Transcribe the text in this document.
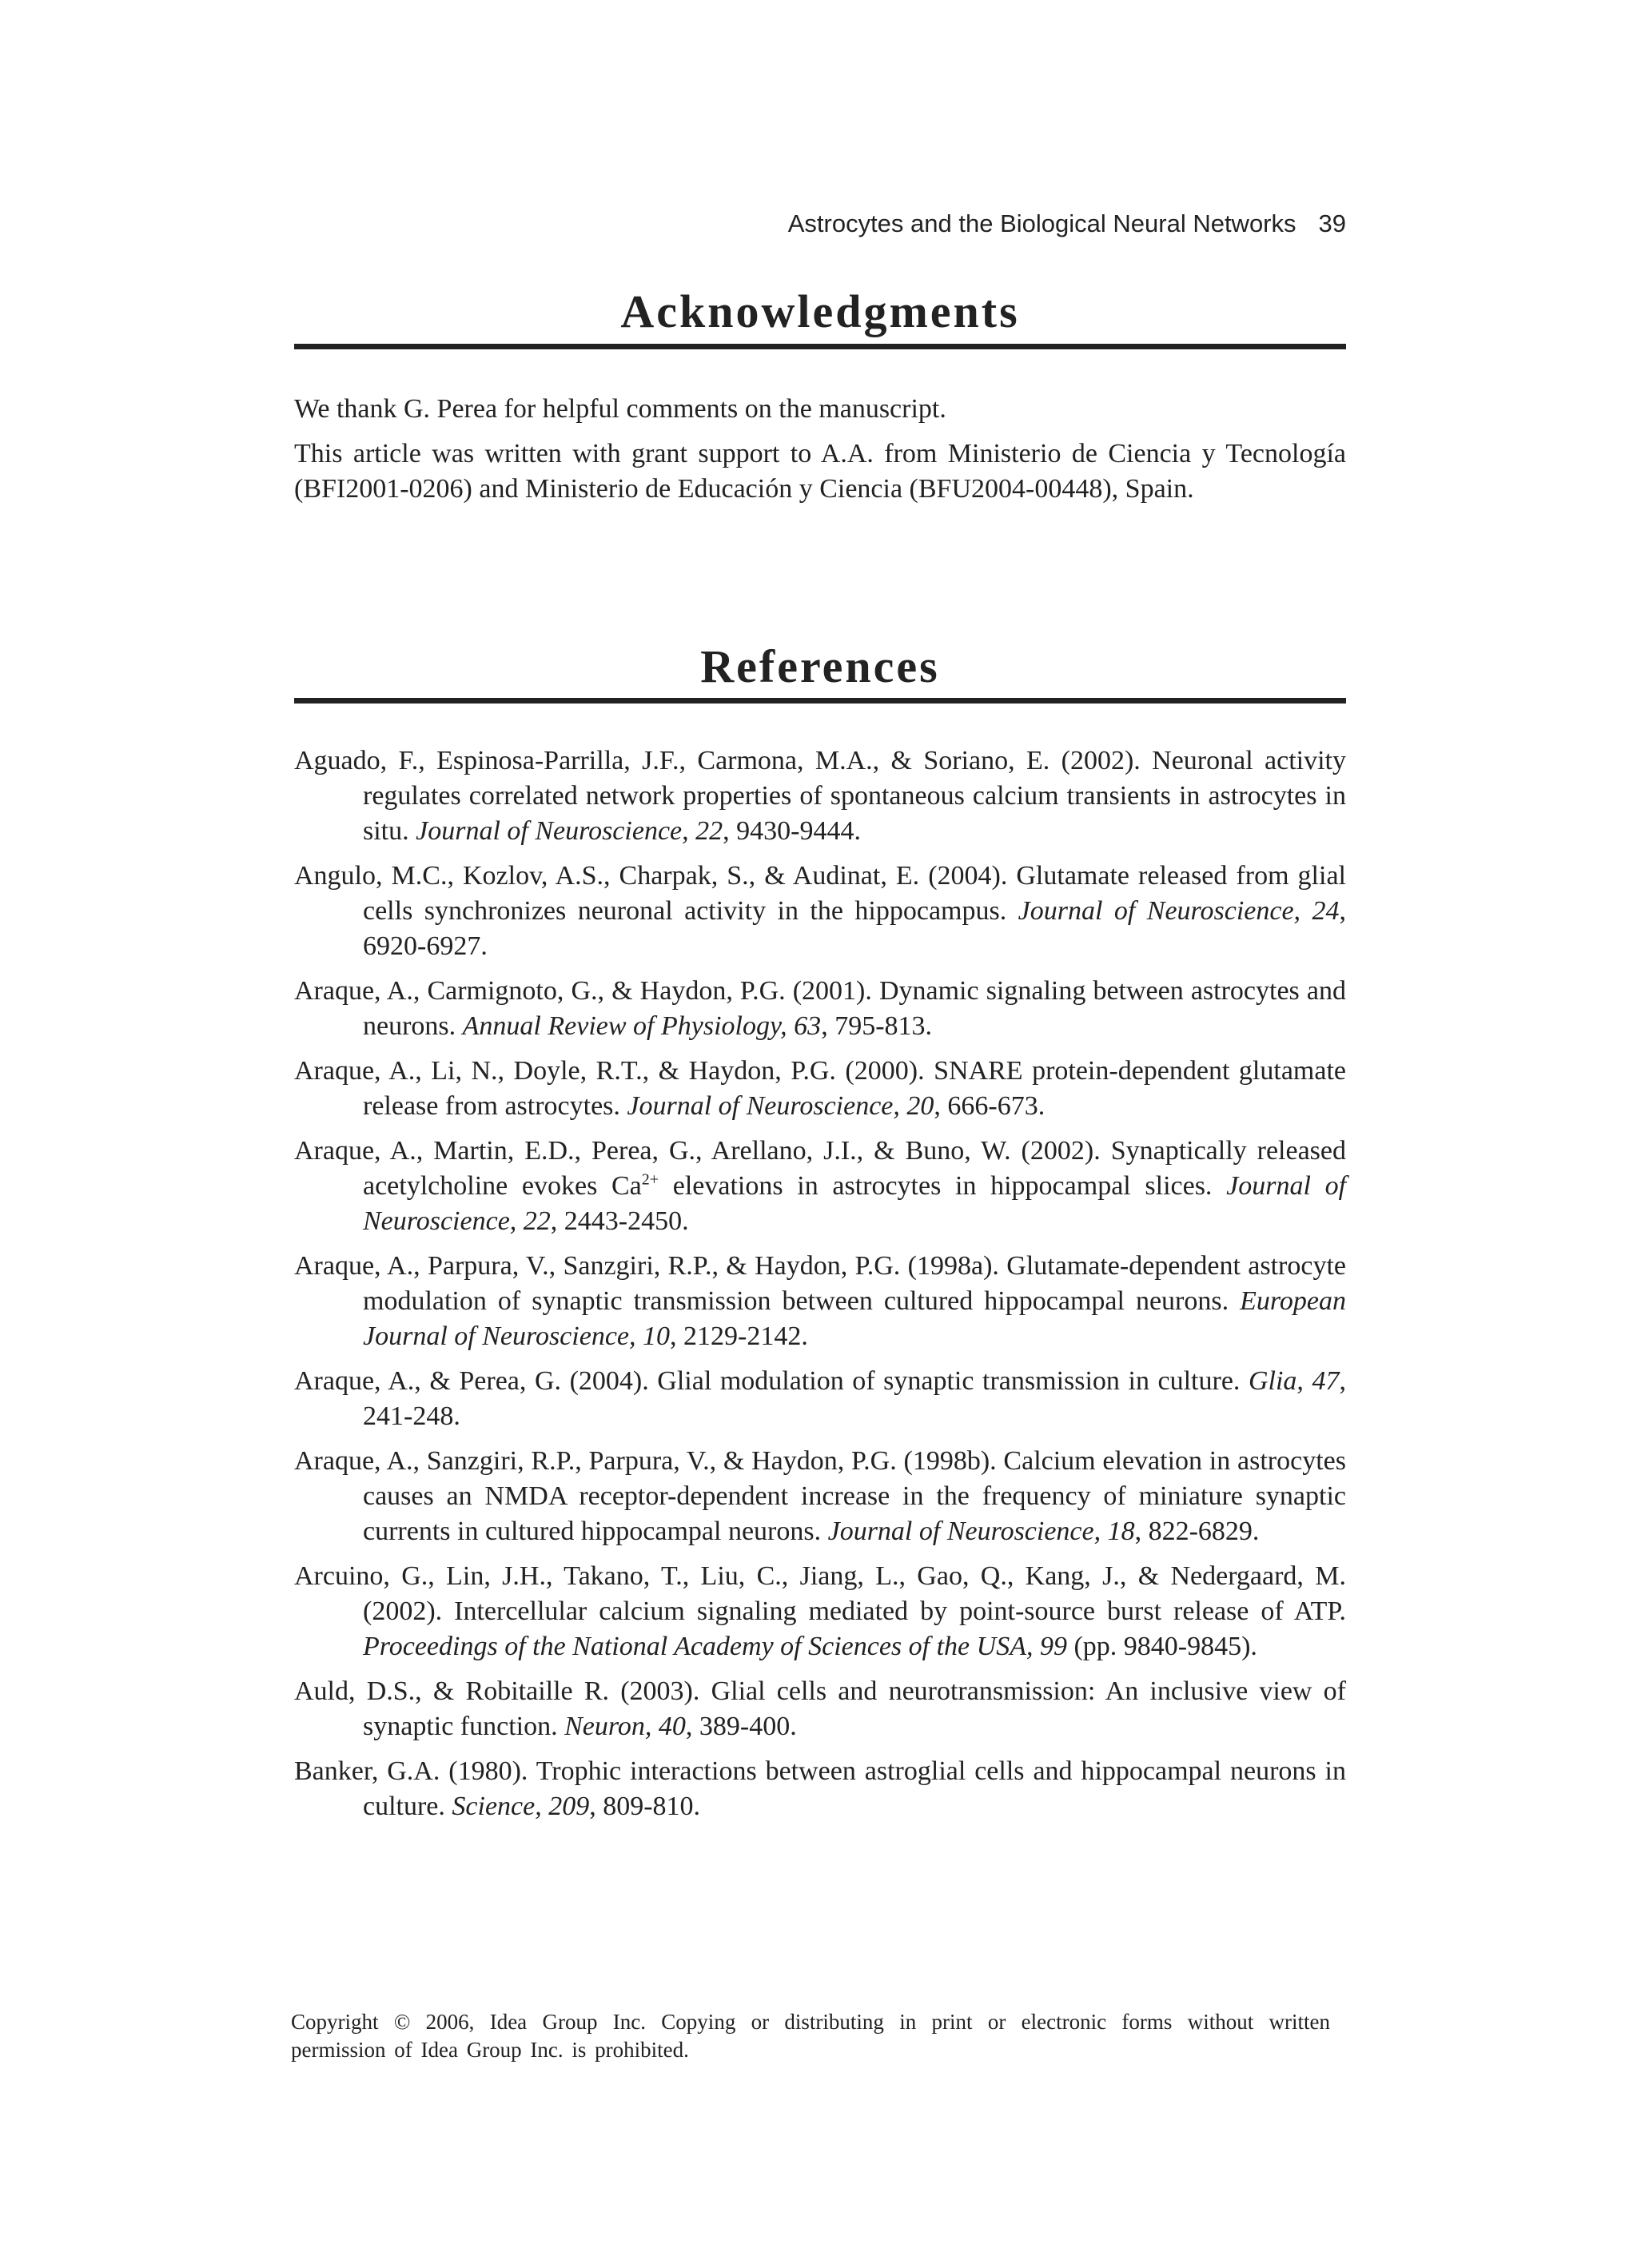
Astrocytes and the Biological Neural Networks 39
Acknowledgments

We thank G. Perea for helpful comments on the manuscript.

This article was written with grant support to A.A. from Ministerio de Ciencia y Tecnología (BFI2001-0206) and Ministerio de Educación y Ciencia (BFU2004-00448), Spain.

References

Aguado, F., Espinosa-Parrilla, J.F., Carmona, M.A., & Soriano, E. (2002). Neuronal activity regulates correlated network properties of spontaneous calcium transients in astrocytes in situ. Journal of Neuroscience, 22, 9430-9444.

Angulo, M.C., Kozlov, A.S., Charpak, S., & Audinat, E. (2004). Glutamate released from glial cells synchronizes neuronal activity in the hippocampus. Journal of Neuroscience, 24, 6920-6927.

Araque, A., Carmignoto, G., & Haydon, P.G. (2001). Dynamic signaling between astrocytes and neurons. Annual Review of Physiology, 63, 795-813.

Araque, A., Li, N., Doyle, R.T., & Haydon, P.G. (2000). SNARE protein-dependent glutamate release from astrocytes. Journal of Neuroscience, 20, 666-673.

Araque, A., Martin, E.D., Perea, G., Arellano, J.I., & Buno, W. (2002). Synaptically released acetylcholine evokes $Ca^{2+}$ elevations in astrocytes in hippocampal slices. Journal of Neuroscience, 22, 2443-2450.

Araque, A., Parpura, V., Sanzgiri, R.P., & Haydon, P.G. (1998a). Glutamate-dependent astrocyte modulation of synaptic transmission between cultured hippocampal neurons. European Journal of Neuroscience, 10, 2129-2142.

Araque, A., & Perea, G. (2004). Glial modulation of synaptic transmission in culture. Glia, 47, 241-248.

Araque, A., Sanzgiri, R.P., Parpura, V., & Haydon, P.G. (1998b). Calcium elevation in astrocytes causes an NMDA receptor-dependent increase in the frequency of miniature synaptic currents in cultured hippocampal neurons. Journal of Neuroscience, 18, 822-6829.

Arcuino, G., Lin, J.H., Takano, T., Liu, C., Jiang, L., Gao, Q., Kang, J., & Nedergaard, M. (2002). Intercellular calcium signaling mediated by point-source burst release of ATP. Proceedings of the National Academy of Sciences of the USA, 99 (pp. 9840-9845).

Auld, D.S., & Robitaille R. (2003). Glial cells and neurotransmission: An inclusive view of synaptic function. Neuron, 40, 389-400.

Banker, G.A. (1980). Trophic interactions between astroglial cells and hippocampal neurons in culture. Science, 209, 809-810.

Copyright © 2006, Idea Group Inc. Copying or distributing in print or electronic forms without written permission of Idea Group Inc. is prohibited.
